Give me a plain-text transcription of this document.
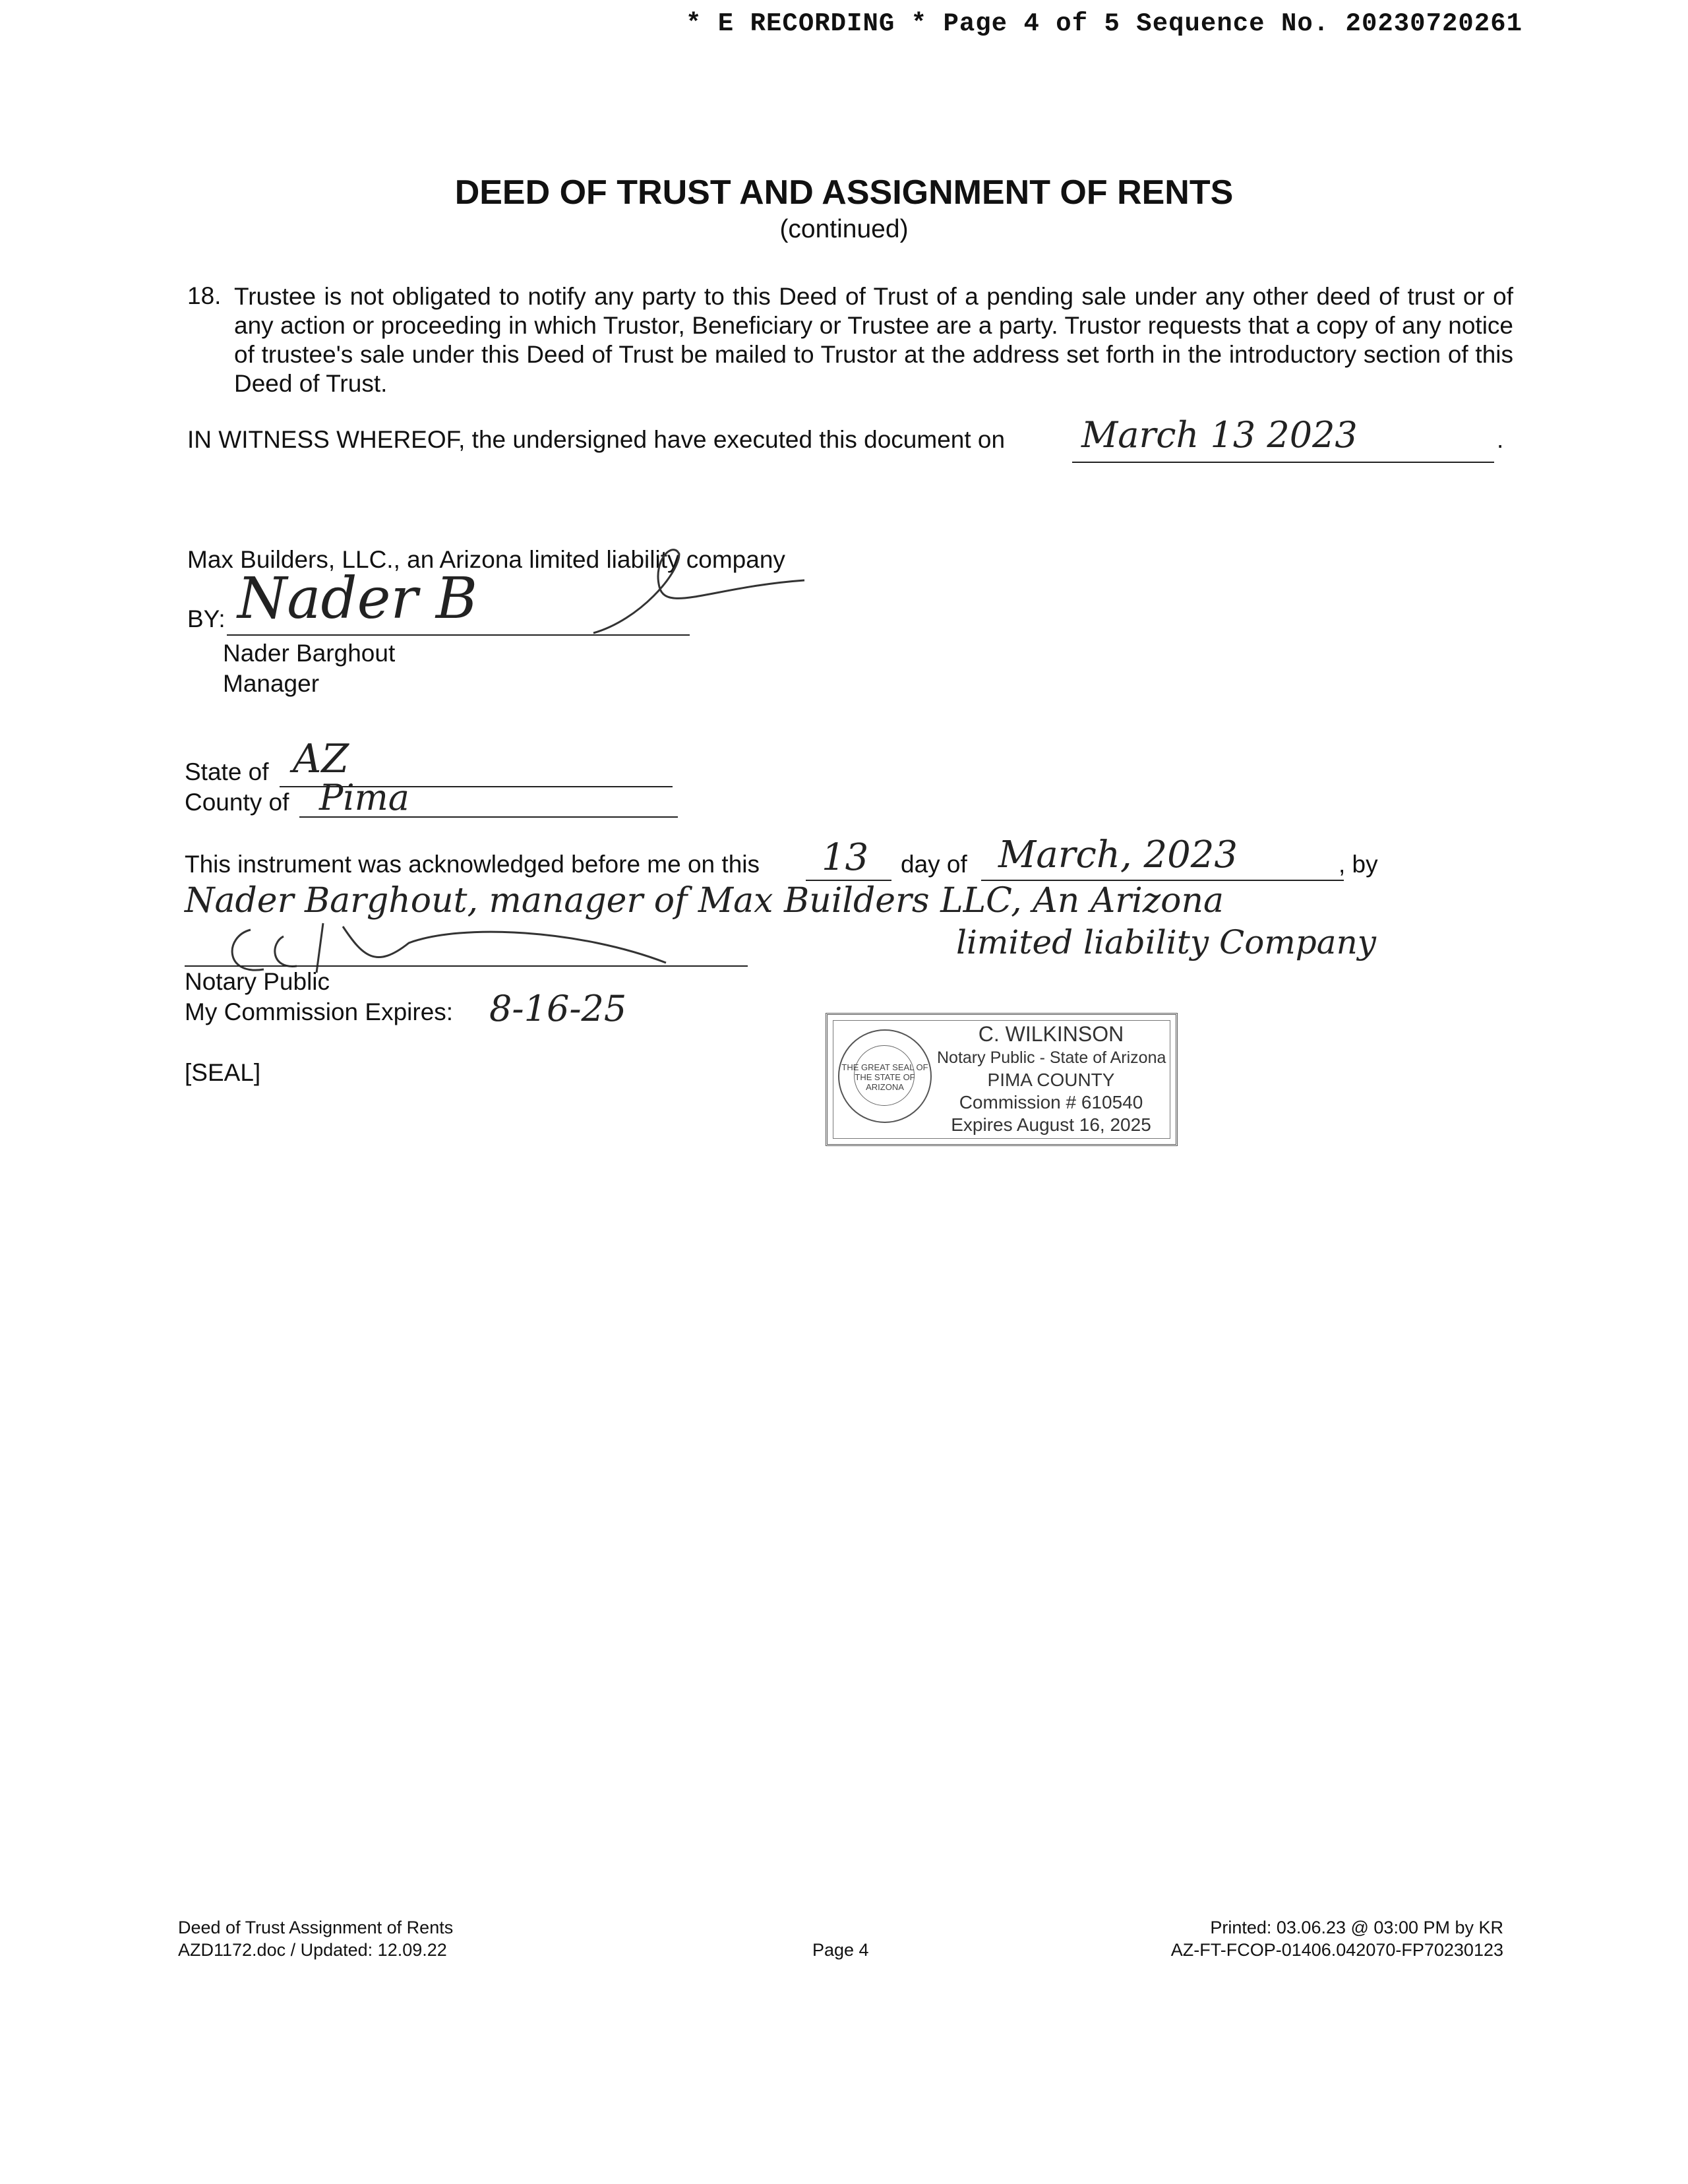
* E RECORDING * Page 4 of 5 Sequence No. 20230720261
DEED OF TRUST AND ASSIGNMENT OF RENTS
(continued)
18. Trustee is not obligated to notify any party to this Deed of Trust of a pending sale under any other deed of trust or of any action or proceeding in which Trustor, Beneficiary or Trustee are a party. Trustor requests that a copy of any notice of trustee's sale under this Deed of Trust be mailed to Trustor at the address set forth in the introductory section of this Deed of Trust.
IN WITNESS WHEREOF, the undersigned have executed this document on March 13 2023	.
Max Builders, LLC., an Arizona limited liability company
BY: Nader B
Nader Barghout
Manager
State of AZ
County of Pima
This instrument was acknowledged before me on this 13 day of March, 2023	, by
Nader Barghout, manager of Max Builders LLC, An Arizona
limited liability Company
Notary Public
My Commission Expires: 8-16-25
[SEAL]	THE GREAT SEAL OF THE STATE OF ARIZONA
C. WILKINSON
Notary Public - State of Arizona
PIMA COUNTY
Commission # 610540
Expires August 16, 2025
Deed of Trust Assignment of Rents
AZD1172.doc / Updated: 12.09.22	Page 4
Printed: 03.06.23 @ 03:00 PM by KR
AZ-FT-FCOP-01406.042070-FP70230123
